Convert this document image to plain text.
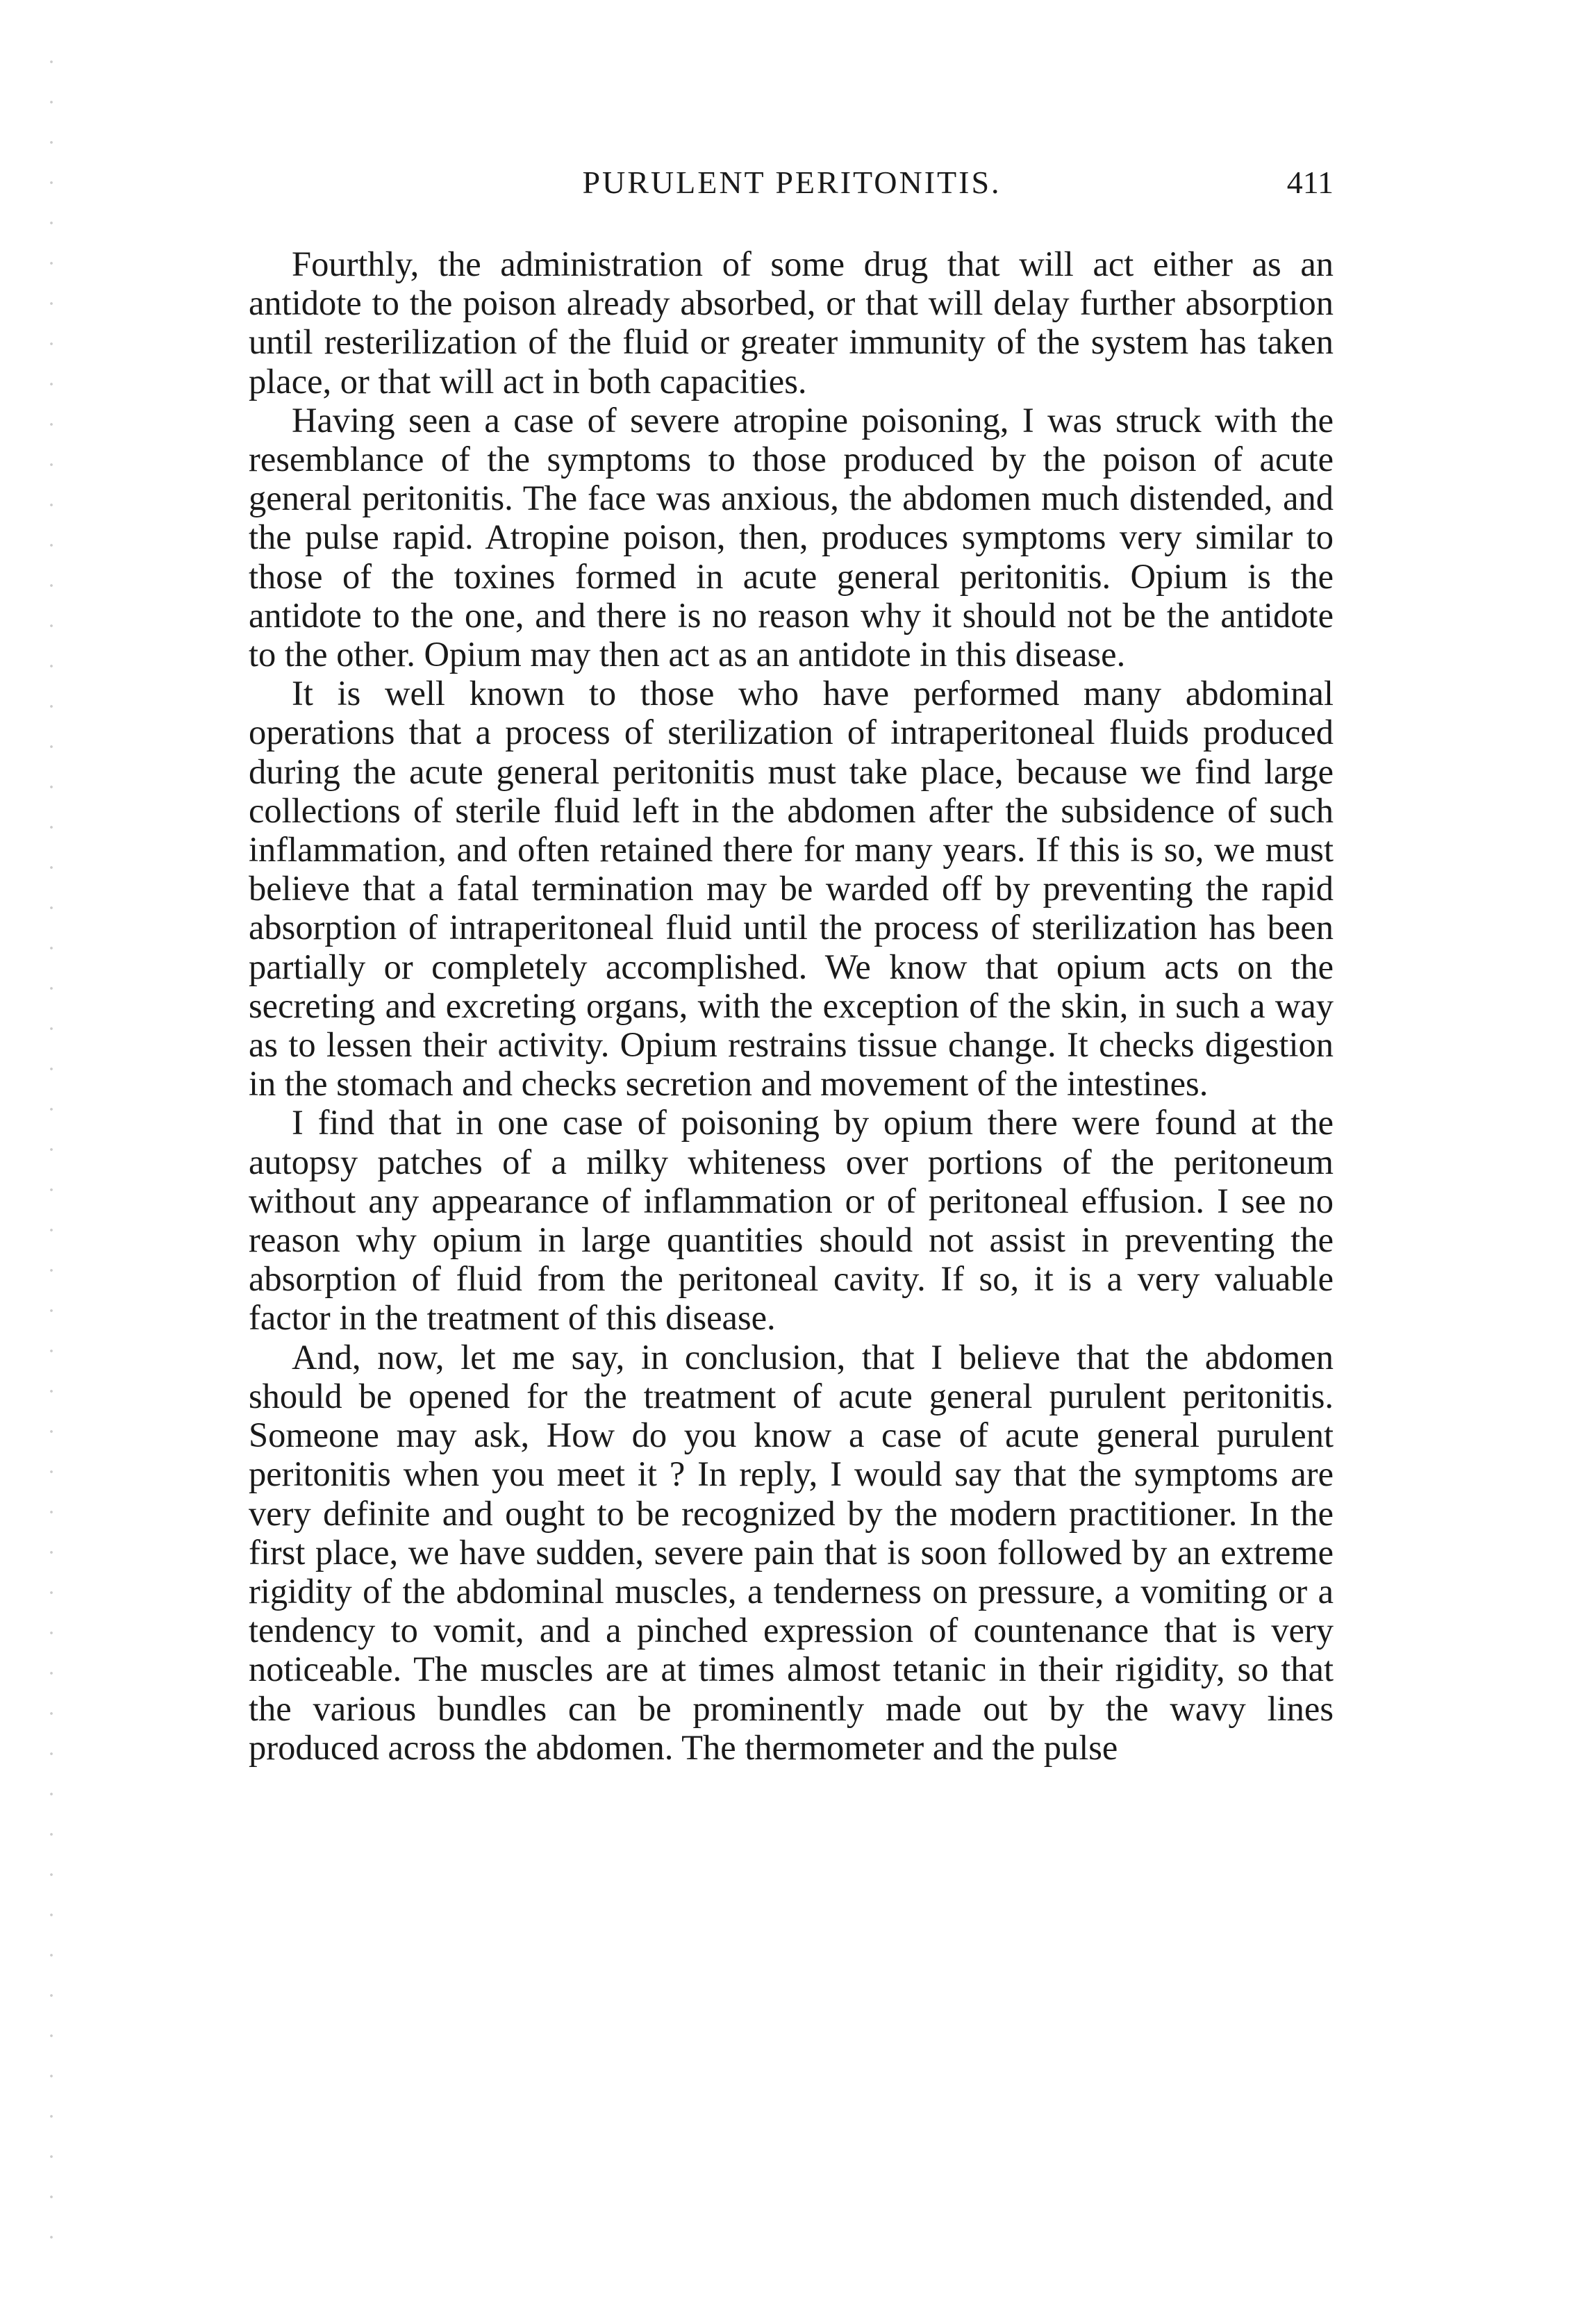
PURULENT PERITONITIS.	411

Fourthly, the administration of some drug that will act either as an antidote to the poison already absorbed, or that will delay further absorption until resterilization of the fluid or greater immunity of the system has taken place, or that will act in both capacities.

Having seen a case of severe atropine poisoning, I was struck with the resemblance of the symptoms to those produced by the poison of acute general peritonitis. The face was anxious, the abdomen much distended, and the pulse rapid. Atropine poison, then, produces symptoms very similar to those of the toxines formed in acute general peritonitis. Opium is the antidote to the one, and there is no reason why it should not be the antidote to the other. Opium may then act as an antidote in this disease.

It is well known to those who have performed many abdominal operations that a process of sterilization of intraperitoneal fluids produced during the acute general peritonitis must take place, because we find large collections of sterile fluid left in the abdomen after the subsidence of such inflammation, and often retained there for many years. If this is so, we must believe that a fatal termination may be warded off by preventing the rapid absorption of intraperitoneal fluid until the process of sterilization has been partially or completely accomplished. We know that opium acts on the secreting and excreting organs, with the exception of the skin, in such a way as to lessen their activity. Opium restrains tissue change. It checks digestion in the stomach and checks secretion and movement of the intestines.

I find that in one case of poisoning by opium there were found at the autopsy patches of a milky whiteness over portions of the peritoneum without any appearance of inflammation or of peritoneal effusion. I see no reason why opium in large quantities should not assist in preventing the absorption of fluid from the peritoneal cavity. If so, it is a very valuable factor in the treatment of this disease.

And, now, let me say, in conclusion, that I believe that the abdomen should be opened for the treatment of acute general purulent peritonitis. Someone may ask, How do you know a case of acute general purulent peritonitis when you meet it ? In reply, I would say that the symptoms are very definite and ought to be recognized by the modern practitioner. In the first place, we have sudden, severe pain that is soon followed by an extreme rigidity of the abdominal muscles, a tenderness on pressure, a vomiting or a tendency to vomit, and a pinched expression of countenance that is very noticeable. The muscles are at times almost tetanic in their rigidity, so that the various bundles can be prominently made out by the wavy lines produced across the abdomen. The thermometer and the pulse
